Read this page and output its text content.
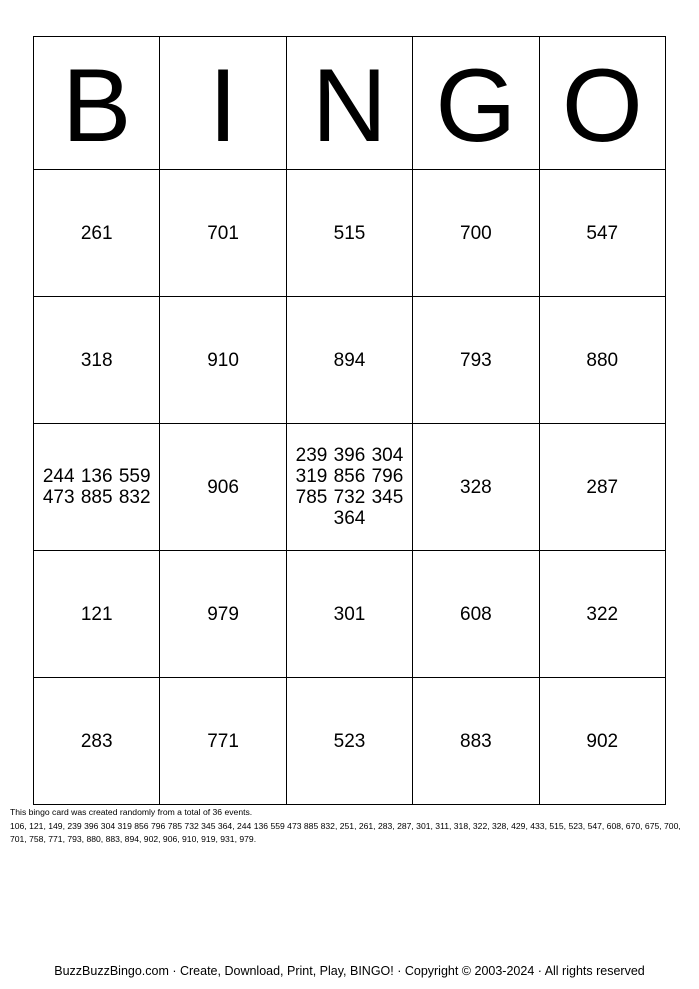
B	I	N	G	O
261	701	515	700	547
318	910	894	793	880
244 136 559 473 885 832	906	239 396 304 319 856 796 785 732 345 364	328	287
121	979	301	608	322
283	771	523	883	902
This bingo card was created randomly from a total of 36 events.
106, 121, 149, 239 396 304 319 856 796 785 732 345 364, 244 136 559 473 885 832, 251, 261, 283, 287, 301, 311, 318, 322, 328, 429, 433, 515, 523, 547, 608, 670, 675, 700, 701, 758, 771, 793, 880, 883, 894, 902, 906, 910, 919, 931, 979.
BuzzBuzzBingo.com · Create, Download, Print, Play, BINGO! · Copyright © 2003-2024 · All rights reserved
